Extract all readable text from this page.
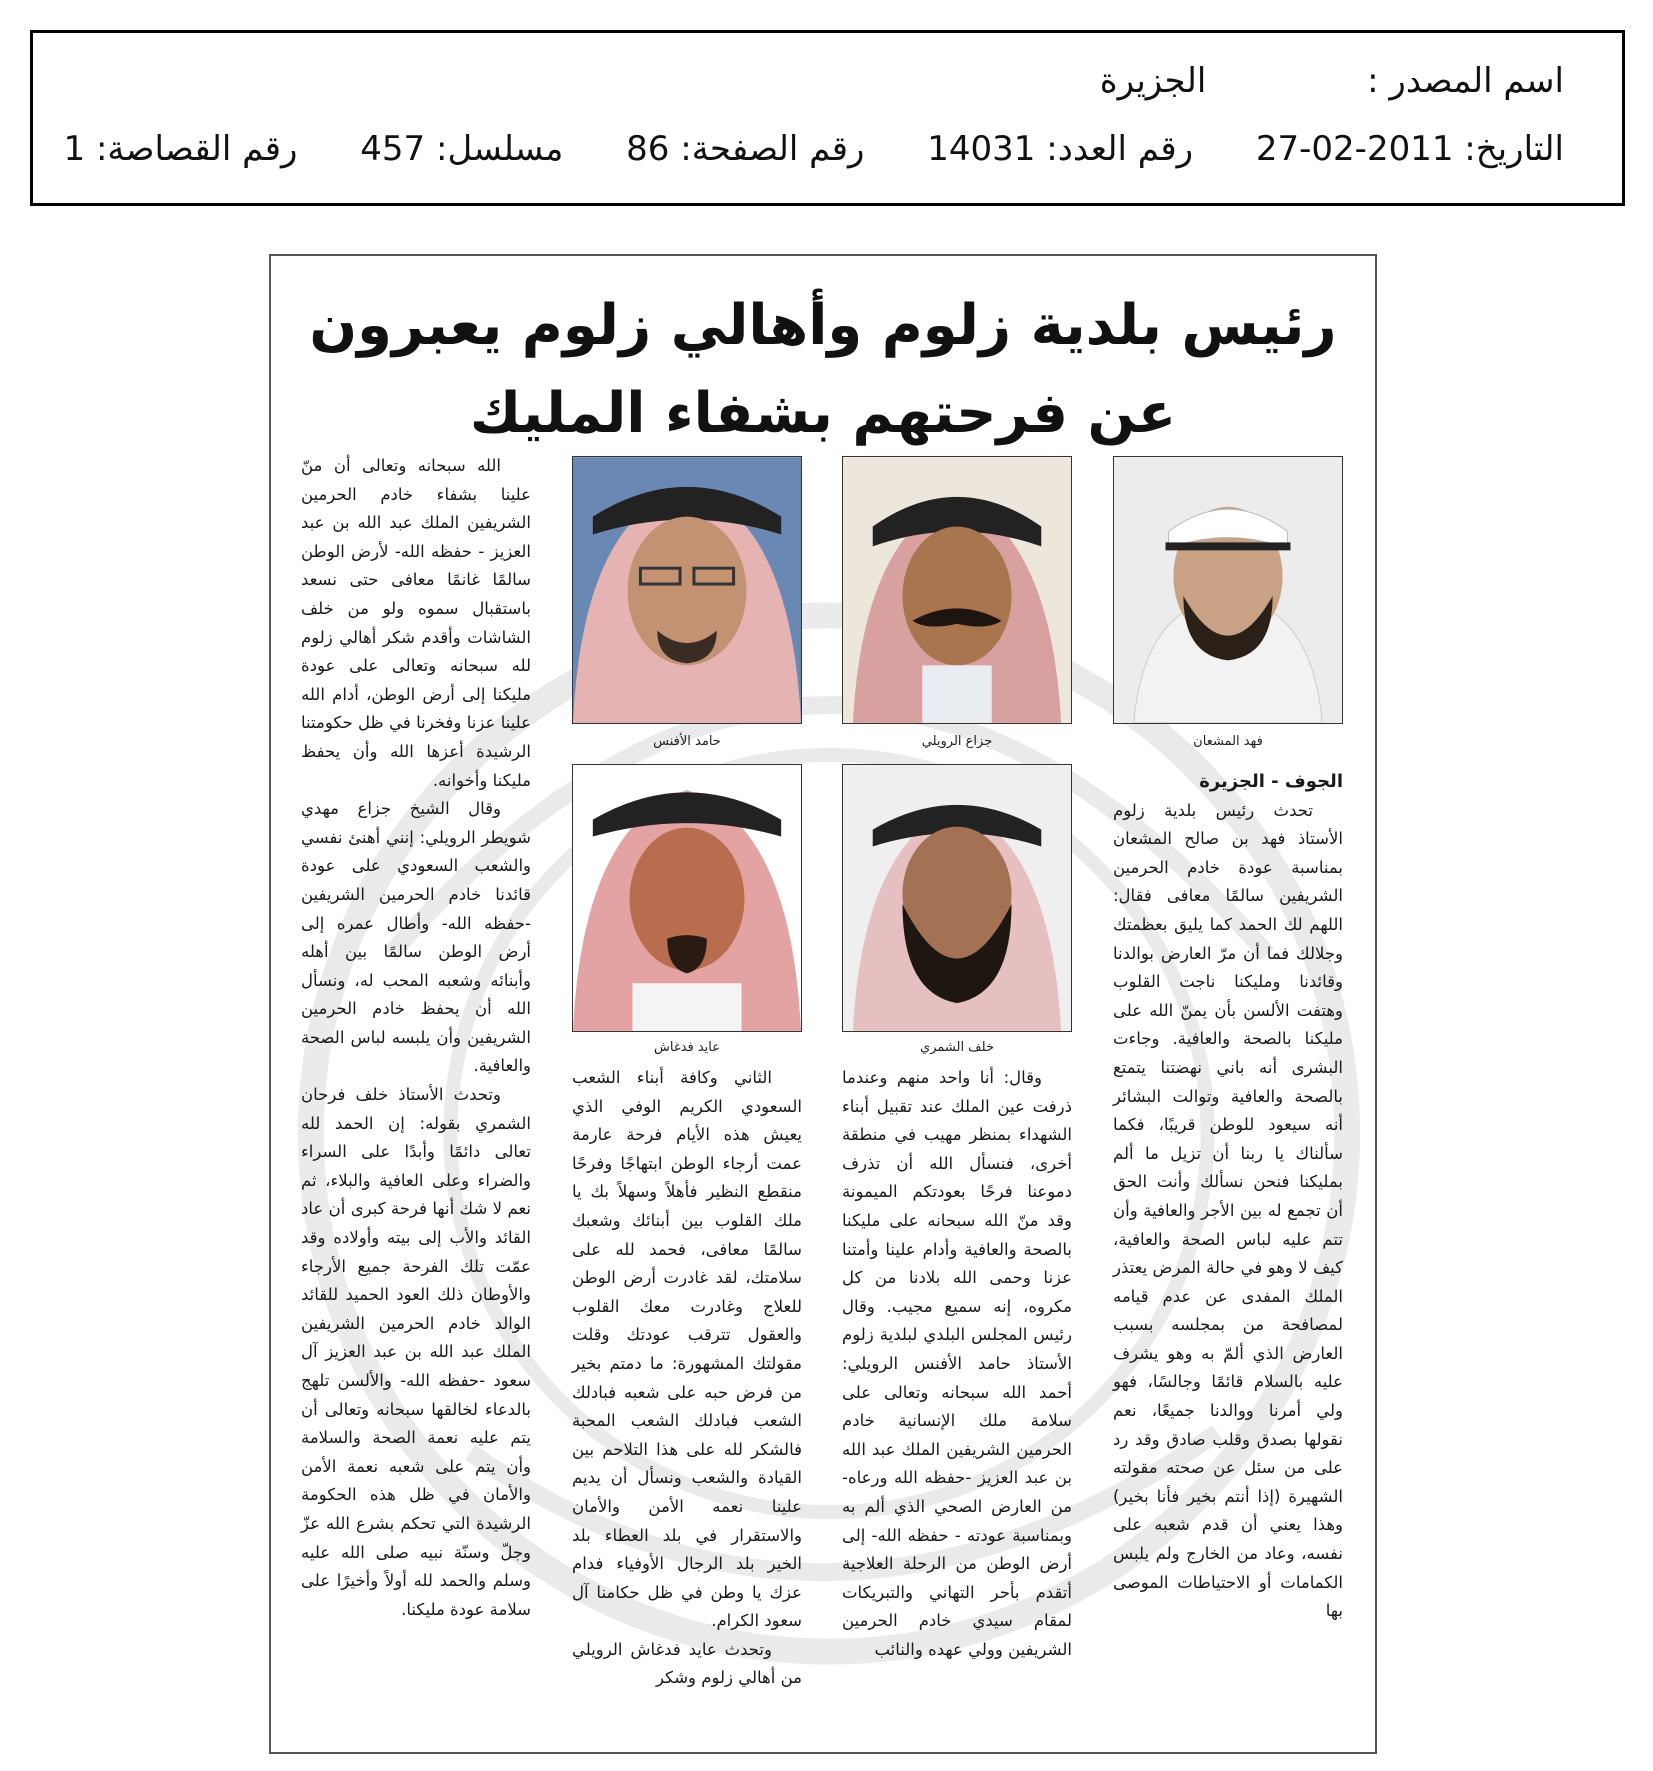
اسم المصدر : الجزيرة
التاريخ: 2011-02-27 رقم العدد: 14031 رقم الصفحة: 86 مسلسل: 457 رقم القصاصة: 1
رئيس بلدية زلوم وأهالي زلوم يعبرون
عن فرحتهم بشفاء المليك
فهد المشعان
جزاع الرويلي
حامد الأفنس
خلف الشمري
عايد فدغاش
الجوف - الجزيرة

تحدث رئيس بلدية زلوم الأستاذ فهد بن صالح المشعان بمناسبة عودة خادم الحرمين الشريفين سالمًا معافى فقال: اللهم لك الحمد كما يليق بعظمتك وجلالك فما أن مرّ العارض بوالدنا وقائدنا ومليكنا ناجت القلوب وهتفت الألسن بأن يمنّ الله على مليكنا بالصحة والعافية. وجاءت البشرى أنه باني نهضتنا يتمتع بالصحة والعافية وتوالت البشائر أنه سيعود للوطن قريبًا، فكما سألناك يا ربنا أن تزيل ما ألم بمليكنا فنحن نسألك وأنت الحق أن تجمع له بين الأجر والعافية وأن تتم عليه لباس الصحة والعافية، كيف لا وهو في حالة المرض يعتذر الملك المفدى عن عدم قيامه لمصافحة من بمجلسه بسبب العارض الذي ألمّ به وهو يشرف عليه بالسلام قائمًا وجالسًا، فهو ولي أمرنا ووالدنا جميعًا، نعم نقولها بصدق وقلب صادق وقد رد على من سئل عن صحته مقولته الشهيرة (إذا أنتم بخير فأنا بخير) وهذا يعني أن قدم شعبه على نفسه، وعاد من الخارج ولم يلبس الكمامات أو الاحتياطات الموصى بها

وقال: أنا واحد منهم وعندما ذرفت عين الملك عند تقبيل أبناء الشهداء بمنظر مهيب في منطقة أخرى، فنسأل الله أن تذرف دموعنا فرحًا بعودتكم الميمونة وقد منّ الله سبحانه على مليكنا بالصحة والعافية وأدام علينا وأمتنا عزنا وحمى الله بلادنا من كل مكروه، إنه سميع مجيب. وقال رئيس المجلس البلدي لبلدية زلوم الأستاذ حامد الأفنس الرويلي: أحمد الله سبحانه وتعالى على سلامة ملك الإنسانية خادم الحرمين الشريفين الملك عبد الله بن عبد العزيز -حفظه الله ورعاه- من العارض الصحي الذي ألم به وبمناسبة عودته - حفظه الله- إلى أرض الوطن من الرحلة العلاجية أتقدم بأحر التهاني والتبريكات لمقام سيدي خادم الحرمين الشريفين وولي عهده والنائب

الثاني وكافة أبناء الشعب السعودي الكريم الوفي الذي يعيش هذه الأيام فرحة عارمة عمت أرجاء الوطن ابتهاجًا وفرحًا منقطع النظير فأهلاً وسهلاً بك يا ملك القلوب بين أبنائك وشعبك سالمًا معافى، فحمد لله على سلامتك، لقد غادرت أرض الوطن للعلاج وغادرت معك القلوب والعقول تترقب عودتك وقلت مقولتك المشهورة: ما دمتم بخير من فرض حبه على شعبه فبادلك الشعب فبادلك الشعب المحبة فالشكر لله على هذا التلاحم بين القيادة والشعب ونسأل أن يديم علينا نعمه الأمن والأمان والاستقرار في بلد العطاء بلد الخير بلد الرجال الأوفياء فدام عزك يا وطن في ظل حكامنا آل سعود الكرام.

وتحدث عايد فدغاش الرويلي من أهالي زلوم وشكر

الله سبحانه وتعالى أن منّ علينا بشفاء خادم الحرمين الشريفين الملك عبد الله بن عبد العزيز - حفظه الله- لأرض الوطن سالمًا غانمًا معافى حتى نسعد باستقبال سموه ولو من خلف الشاشات وأقدم شكر أهالي زلوم لله سبحانه وتعالى على عودة مليكنا إلى أرض الوطن، أدام الله علينا عزنا وفخرنا في ظل حكومتنا الرشيدة أعزها الله وأن يحفظ مليكنا وأخوانه.

وقال الشيخ جزاع مهدي شويطر الرويلي: إنني أهنئ نفسي والشعب السعودي على عودة قائدنا خادم الحرمين الشريفين -حفظه الله- وأطال عمره إلى أرض الوطن سالمًا بين أهله وأبنائه وشعبه المحب له، ونسأل الله أن يحفظ خادم الحرمين الشريفين وأن يلبسه لباس الصحة والعافية.

وتحدث الأستاذ خلف فرحان الشمري بقوله: إن الحمد لله تعالى دائمًا وأبدًا على السراء والضراء وعلى العافية والبلاء، ثم نعم لا شك أنها فرحة كبرى أن عاد القائد والأب إلى بيته وأولاده وقد عمّت تلك الفرحة جميع الأرجاء والأوطان ذلك العود الحميد للقائد الوالد خادم الحرمين الشريفين الملك عبد الله بن عبد العزيز آل سعود -حفظه الله- والألسن تلهج بالدعاء لخالقها سبحانه وتعالى أن يتم عليه نعمة الصحة والسلامة وأن يتم على شعبه نعمة الأمن والأمان في ظل هذه الحكومة الرشيدة التي تحكم بشرع الله عزّ وجلّ وسنّة نبيه صلى الله عليه وسلم والحمد لله أولاً وأخيرًا على سلامة عودة مليكنا.
